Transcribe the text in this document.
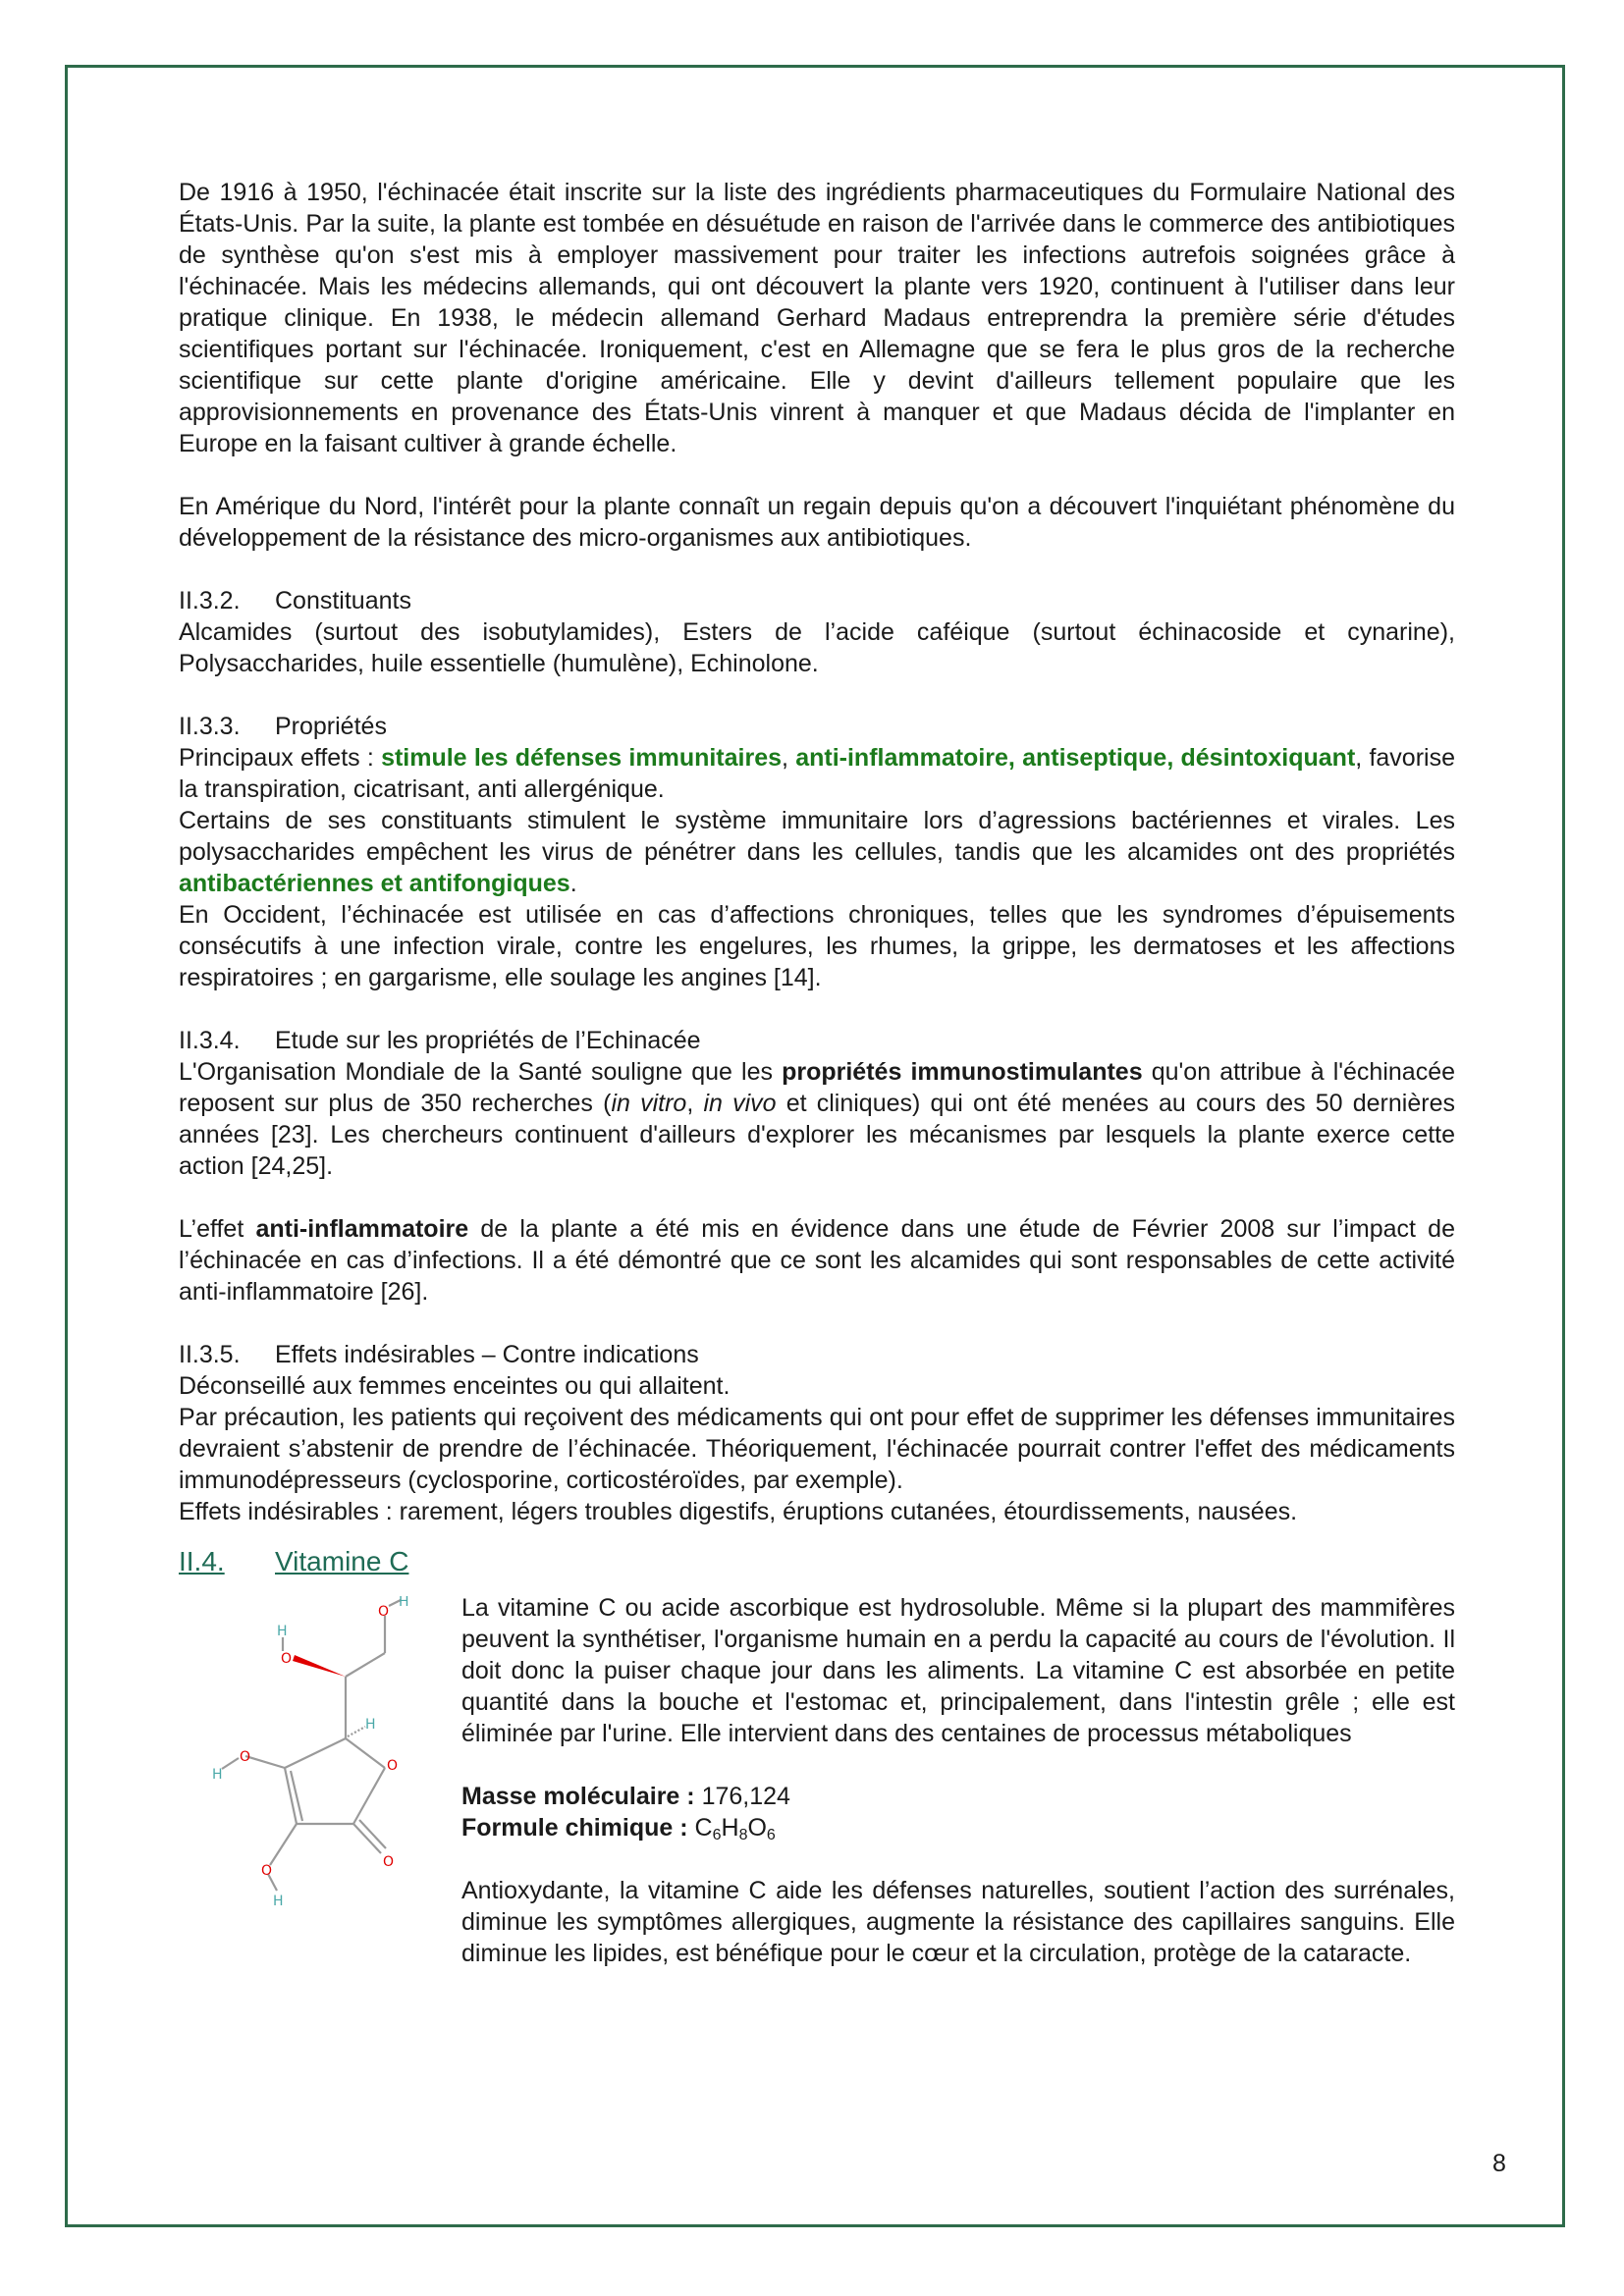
De 1916 à 1950, l'échinacée était inscrite sur la liste des ingrédients pharmaceutiques du Formulaire National des États-Unis. Par la suite, la plante est tombée en désuétude en raison de l'arrivée dans le commerce des antibiotiques de synthèse qu'on s'est mis à employer massivement pour traiter les infections autrefois soignées grâce à l'échinacée. Mais les médecins allemands, qui ont découvert la plante vers 1920, continuent à l'utiliser dans leur pratique clinique. En 1938, le médecin allemand Gerhard Madaus entreprendra la première série d'études scientifiques portant sur l'échinacée. Ironiquement, c'est en Allemagne que se fera le plus gros de la recherche scientifique sur cette plante d'origine américaine. Elle y devint d'ailleurs tellement populaire que les approvisionnements en provenance des États-Unis vinrent à manquer et que Madaus décida de l'implanter en Europe en la faisant cultiver à grande échelle.

En Amérique du Nord, l'intérêt pour la plante connaît un regain depuis qu'on a découvert l'inquiétant phénomène du développement de la résistance des micro-organismes aux antibiotiques.

II.3.2.	Constituants

Alcamides (surtout des isobutylamides), Esters de l’acide caféique (surtout échinacoside et cynarine), Polysaccharides, huile essentielle (humulène), Echinolone.

II.3.3.	Propriétés

Principaux effets : stimule les défenses immunitaires, anti-inflammatoire, antiseptique, désintoxiquant, favorise la transpiration, cicatrisant, anti allergénique.

Certains de ses constituants stimulent le système immunitaire lors d’agressions bactériennes et virales. Les polysaccharides empêchent les virus de pénétrer dans les cellules, tandis que les alcamides ont des propriétés antibactériennes et antifongiques.

En Occident, l’échinacée est utilisée en cas d’affections chroniques, telles que les syndromes d’épuisements consécutifs à une infection virale, contre les engelures, les rhumes, la grippe, les dermatoses et les affections respiratoires ; en gargarisme, elle soulage les angines [14].

II.3.4.	Etude sur les propriétés de l’Echinacée

L'Organisation Mondiale de la Santé souligne que les propriétés immunostimulantes qu'on attribue à l'échinacée reposent sur plus de 350 recherches (in vitro, in vivo et cliniques) qui ont été menées au cours des 50 dernières années [23]. Les chercheurs continuent d'ailleurs d'explorer les mécanismes par lesquels la plante exerce cette action [24,25].

L’effet anti-inflammatoire de la plante a été mis en évidence dans une étude de Février 2008 sur l’impact de l’échinacée en cas d’infections. Il a été démontré que ce sont les alcamides qui sont responsables de cette activité anti-inflammatoire [26].

II.3.5.	Effets indésirables – Contre indications

Déconseillé aux femmes enceintes ou qui allaitent.

Par précaution, les patients qui reçoivent des médicaments qui ont pour effet de supprimer les défenses immunitaires devraient s’abstenir de prendre de l’échinacée. Théoriquement, l'échinacée pourrait contrer l'effet des médicaments immunodépresseurs (cyclosporine, corticostéroïdes, par exemple).

Effets indésirables : rarement, légers troubles digestifs, éruptions cutanées, étourdissements, nausées.

II.4. Vitamine C
O
O
O
H
O
H
O
H
O
H
H

La vitamine C ou acide ascorbique est hydrosoluble. Même si la plupart des mammifères peuvent la synthétiser, l'organisme humain en a perdu la capacité au cours de l'évolution. Il doit donc la puiser chaque jour dans les aliments. La vitamine C est absorbée en petite quantité dans la bouche et l'estomac et, principalement, dans l'intestin grêle ; elle est éliminée par l'urine. Elle intervient dans des centaines de processus métaboliques

Masse moléculaire : 176,124

Formule chimique : $C_6H_8O_6$

Antioxydante, la vitamine C aide les défenses naturelles, soutient l’action des surrénales, diminue les symptômes allergiques, augmente la résistance des capillaires sanguins. Elle diminue les lipides, est bénéfique pour le cœur et la circulation, protège de la cataracte.

8
